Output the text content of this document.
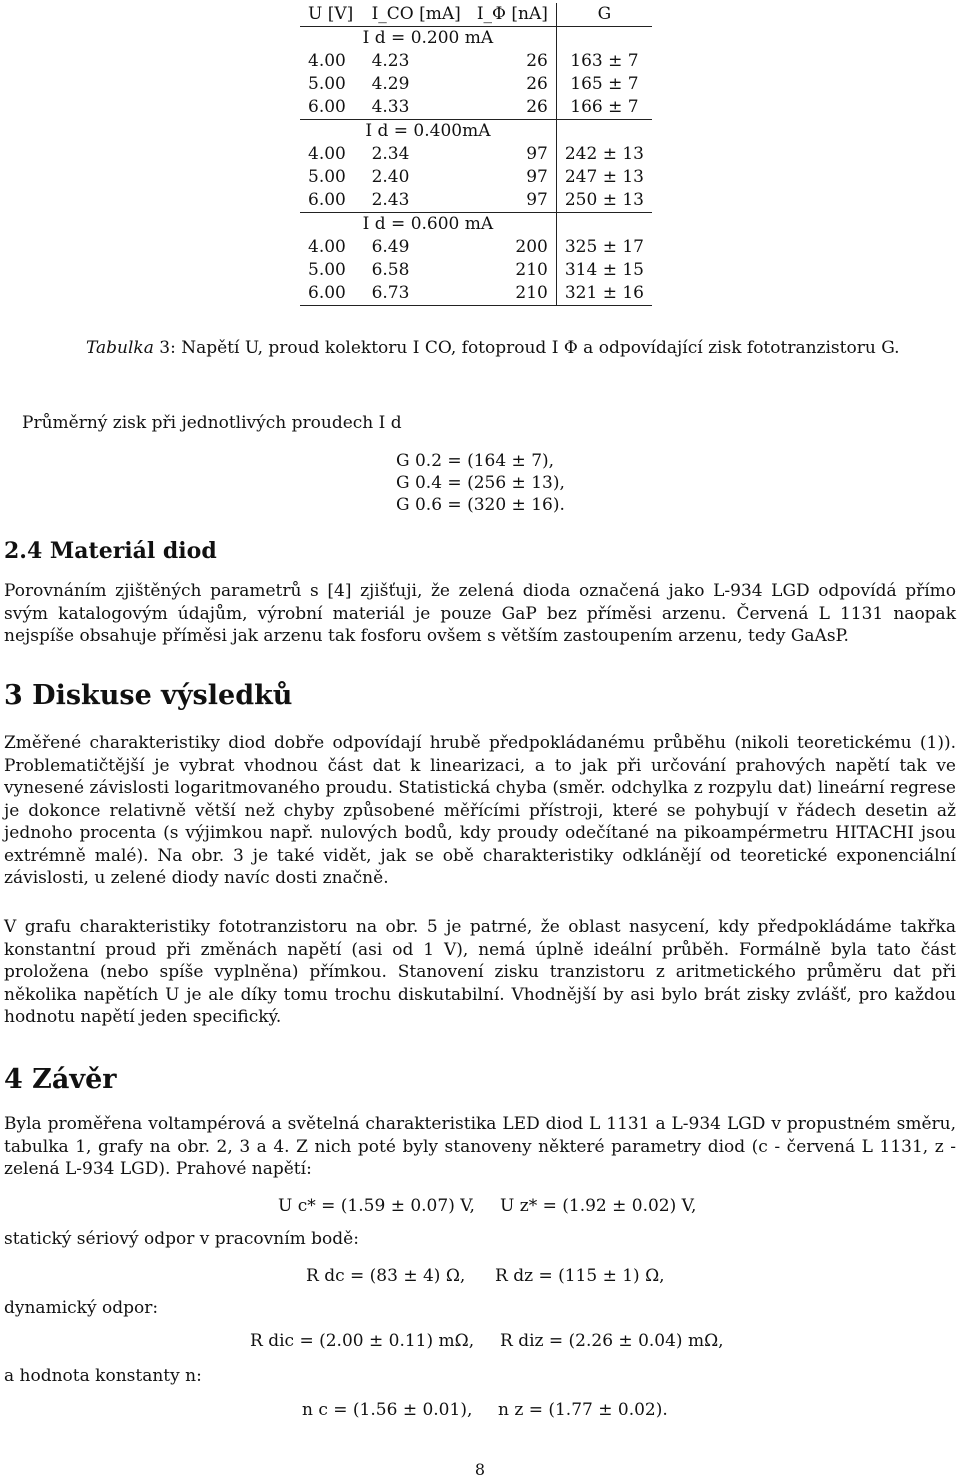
U [V]	I_CO [mA]	I_Φ [nA]	G
I d = 0.200 mA			
4.00	4.23	26	163 ± 7
5.00	4.29	26	165 ± 7
6.00	4.33	26	166 ± 7
I d = 0.400mA			
4.00	2.34	97	242 ± 13
5.00	2.40	97	247 ± 13
6.00	2.43	97	250 ± 13
I d = 0.600 mA			
4.00	6.49	200	325 ± 17
5.00	6.58	210	314 ± 15
6.00	6.73	210	321 ± 16
Tabulka 3: Napětí U, proud kolektoru I CO, fotoproud I Φ a odpovídající zisk fototranzistoru G.
Průměrný zisk při jednotlivých proudech I d
G 0.2 = (164 ± 7),
G 0.4 = (256 ± 13),
G 0.6 = (320 ± 16).
2.4 Materiál diod
Porovnáním zjištěných parametrů s [4] zjišťuji, že zelená dioda označená jako L-934 LGD odpovídá přímo svým katalogovým údajům, výrobní materiál je pouze GaP bez příměsi arzenu. Červená L 1131 naopak nejspíše obsahuje příměsi jak arzenu tak fosforu ovšem s větším zastoupením arzenu, tedy GaAsP.
3 Diskuse výsledků
Změřené charakteristiky diod dobře odpovídají hrubě předpokládanému průběhu (nikoli teoretickému (1)). Problematičtější je vybrat vhodnou část dat k linearizaci, a to jak při určování prahových napětí tak ve vynesené závislosti logaritmovaného proudu. Statistická chyba (směr. odchylka z rozpylu dat) lineární regrese je dokonce relativně větší než chyby způsobené měřícími přístroji, které se pohybují v řádech desetin až jednoho procenta (s výjimkou např. nulových bodů, kdy proudy odečítané na pikoampérmetru HITACHI jsou extrémně malé). Na obr. 3 je také vidět, jak se obě charakteristiky odklánějí od teoretické exponenciální závislosti, u zelené diody navíc dosti značně.
V grafu charakteristiky fototranzistoru na obr. 5 je patrné, že oblast nasycení, kdy předpokládáme takřka konstantní proud při změnách napětí (asi od 1 V), nemá úplně ideální průběh. Formálně byla tato část proložena (nebo spíše vyplněna) přímkou. Stanovení zisku tranzistoru z aritmetického průměru dat při několika napětích U je ale díky tomu trochu diskutabilní. Vhodnější by asi bylo brát zisky zvlášť, pro každou hodnotu napětí jeden specifický.
4 Závěr
Byla proměřena voltampérová a světelná charakteristika LED diod L 1131 a L-934 LGD v propustném směru, tabulka 1, grafy na obr. 2, 3 a 4. Z nich poté byly stanoveny některé parametry diod (c - červená L 1131, z - zelená L-934 LGD). Prahové napětí:
U c* = (1.59 ± 0.07) V, U z* = (1.92 ± 0.02) V,
statický sériový odpor v pracovním bodě:
R dc = (83 ± 4) Ω, R dz = (115 ± 1) Ω,
dynamický odpor:
R dic = (2.00 ± 0.11) mΩ, R diz = (2.26 ± 0.04) mΩ,
a hodnota konstanty n:
n c = (1.56 ± 0.01), n z = (1.77 ± 0.02).
8
